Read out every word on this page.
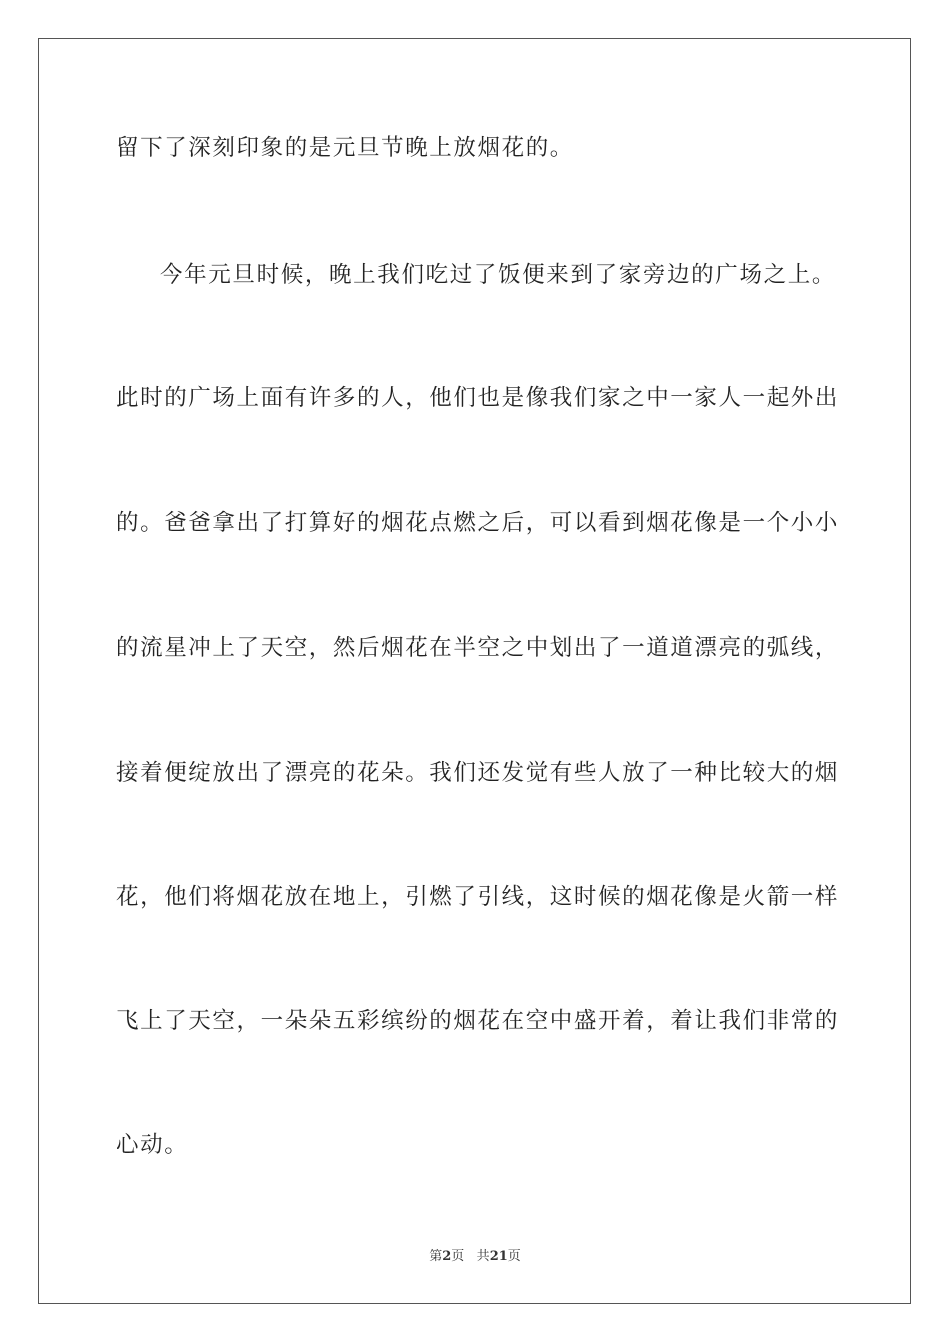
留下了深刻印象的是元旦节晚上放烟花的。
今年元旦时候，晚上我们吃过了饭便来到了家旁边的广场之上。
此时的广场上面有许多的人，他们也是像我们家之中一家人一起外出
的。爸爸拿出了打算好的烟花点燃之后，可以看到烟花像是一个小小
的流星冲上了天空，然后烟花在半空之中划出了一道道漂亮的弧线，
接着便绽放出了漂亮的花朵。我们还发觉有些人放了一种比较大的烟
花，他们将烟花放在地上，引燃了引线，这时候的烟花像是火箭一样
飞上了天空，一朵朵五彩缤纷的烟花在空中盛开着，着让我们非常的
心动。
第2页 共21页
